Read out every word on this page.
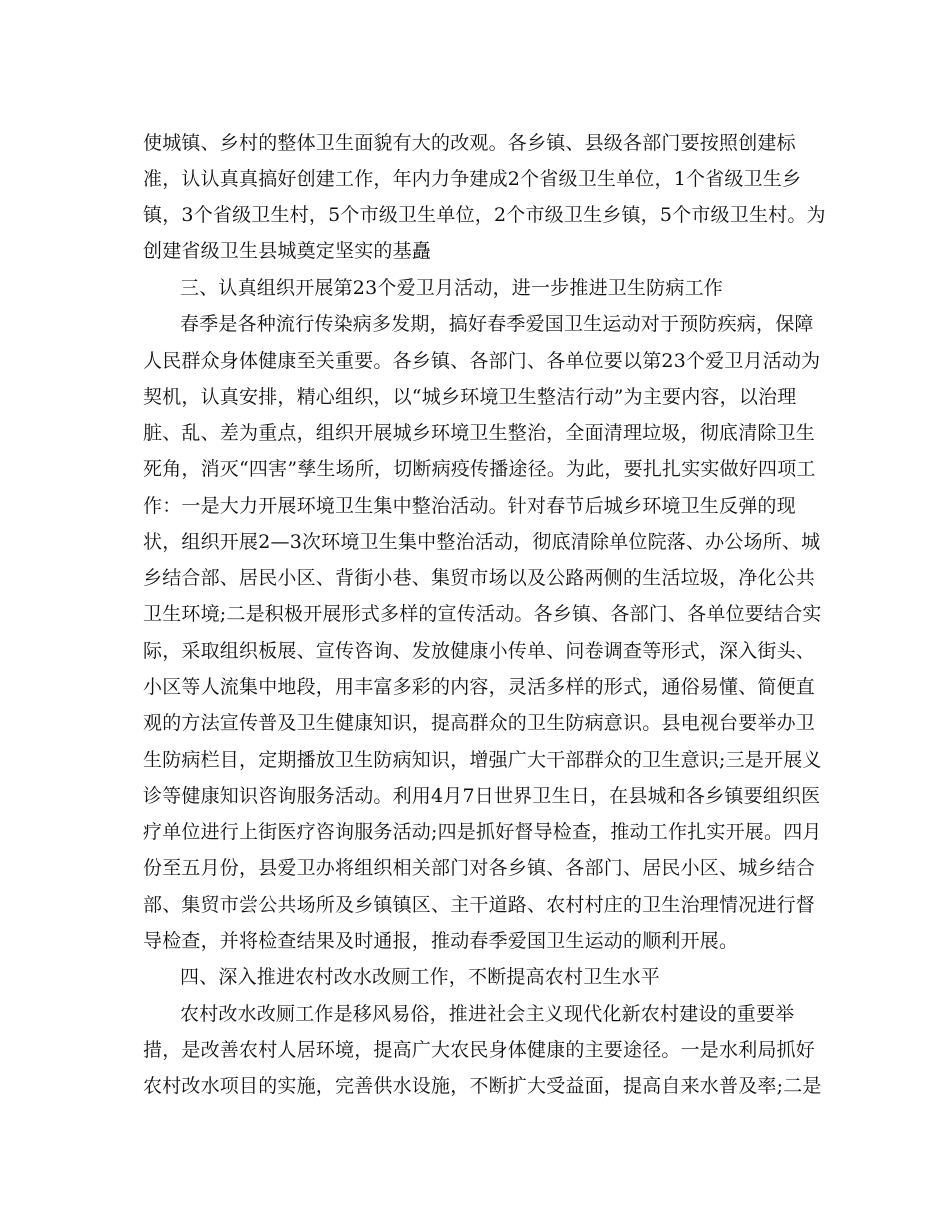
使城镇、乡村的整体卫生面貌有大的改观。各乡镇、县级各部门要按照创建标
准，认认真真搞好创建工作，年内力争建成2个省级卫生单位，1个省级卫生乡
镇，3个省级卫生村，5个市级卫生单位，2个市级卫生乡镇，5个市级卫生村。为
创建省级卫生县城奠定坚实的基矗
三、认真组织开展第23个爱卫月活动，进一步推进卫生防病工作
春季是各种流行传染病多发期，搞好春季爱国卫生运动对于预防疾病，保障
人民群众身体健康至关重要。各乡镇、各部门、各单位要以第23个爱卫月活动为
契机，认真安排，精心组织，以“城乡环境卫生整洁行动”为主要内容，以治理
脏、乱、差为重点，组织开展城乡环境卫生整治，全面清理垃圾，彻底清除卫生
死角，消灭“四害”孳生场所，切断病疫传播途径。为此，要扎扎实实做好四项工
作：一是大力开展环境卫生集中整治活动。针对春节后城乡环境卫生反弹的现
状，组织开展2—3次环境卫生集中整治活动，彻底清除单位院落、办公场所、城
乡结合部、居民小区、背街小巷、集贸市场以及公路两侧的生活垃圾，净化公共
卫生环境;二是积极开展形式多样的宣传活动。各乡镇、各部门、各单位要结合实
际，采取组织板展、宣传咨询、发放健康小传单、问卷调查等形式，深入街头、
小区等人流集中地段，用丰富多彩的内容，灵活多样的形式，通俗易懂、简便直
观的方法宣传普及卫生健康知识，提高群众的卫生防病意识。县电视台要举办卫
生防病栏目，定期播放卫生防病知识，增强广大干部群众的卫生意识;三是开展义
诊等健康知识咨询服务活动。利用4月7日世界卫生日，在县城和各乡镇要组织医
疗单位进行上街医疗咨询服务活动;四是抓好督导检查，推动工作扎实开展。四月
份至五月份，县爱卫办将组织相关部门对各乡镇、各部门、居民小区、城乡结合
部、集贸市尝公共场所及乡镇镇区、主干道路、农村村庄的卫生治理情况进行督
导检查，并将检查结果及时通报，推动春季爱国卫生运动的顺利开展。
四、深入推进农村改水改厕工作，不断提高农村卫生水平
农村改水改厕工作是移风易俗，推进社会主义现代化新农村建设的重要举
措，是改善农村人居环境，提高广大农民身体健康的主要途径。一是水利局抓好
农村改水项目的实施，完善供水设施，不断扩大受益面，提高自来水普及率;二是
